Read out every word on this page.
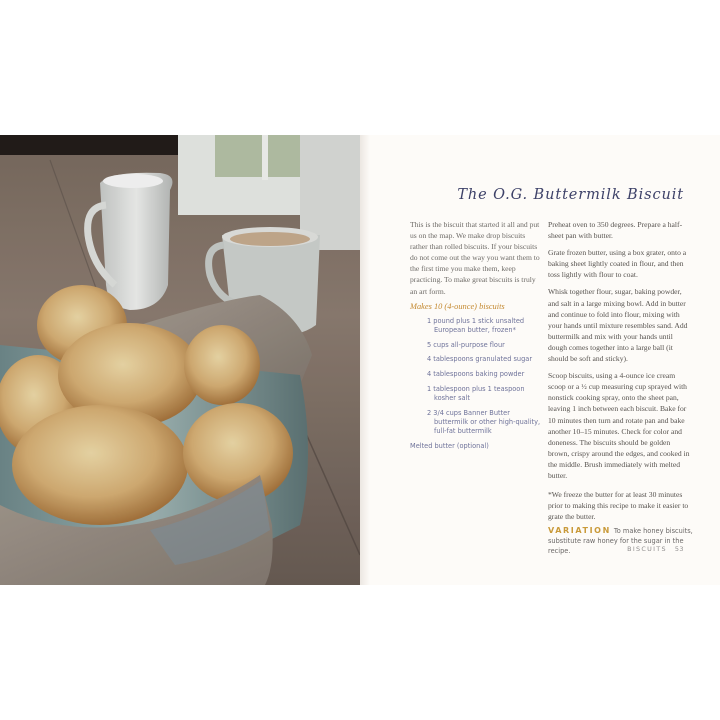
The O.G. Buttermilk Biscuit

This is the biscuit that started it all and put us on the map. We make drop biscuits rather than rolled biscuits. If your biscuits do not come out the way you want them to the first time you make them, keep practicing. To make great biscuits is truly an art form.

Makes 10 (4-ounce) biscuits

1 pound plus 1 stick unsalted European butter, frozen*
5 cups all-purpose flour
4 tablespoons granulated sugar
4 tablespoons baking powder
1 tablespoon plus 1 teaspoon kosher salt
2 3/4 cups Banner Butter buttermilk or other high-quality, full-fat buttermilk
Melted butter (optional)

Preheat oven to 350 degrees. Prepare a half-sheet pan with butter.

Grate frozen butter, using a box grater, onto a baking sheet lightly coated in flour, and then toss lightly with flour to coat.

Whisk together flour, sugar, baking powder, and salt in a large mixing bowl. Add in butter and continue to fold into flour, mixing with your hands until mixture resembles sand. Add buttermilk and mix with your hands until dough comes together into a large ball (it should be soft and sticky).

Scoop biscuits, using a 4-ounce ice cream scoop or a ½ cup measuring cup sprayed with nonstick cooking spray, onto the sheet pan, leaving 1 inch between each biscuit. Bake for 10 minutes then turn and rotate pan and bake another 10–15 minutes. Check for color and doneness. The biscuits should be golden brown, crispy around the edges, and cooked in the middle. Brush immediately with melted butter.

*We freeze the butter for at least 30 minutes prior to making this recipe to make it easier to grate the butter.

VARIATION To make honey biscuits, substitute raw honey for the sugar in the recipe.	BISCUITS 53
